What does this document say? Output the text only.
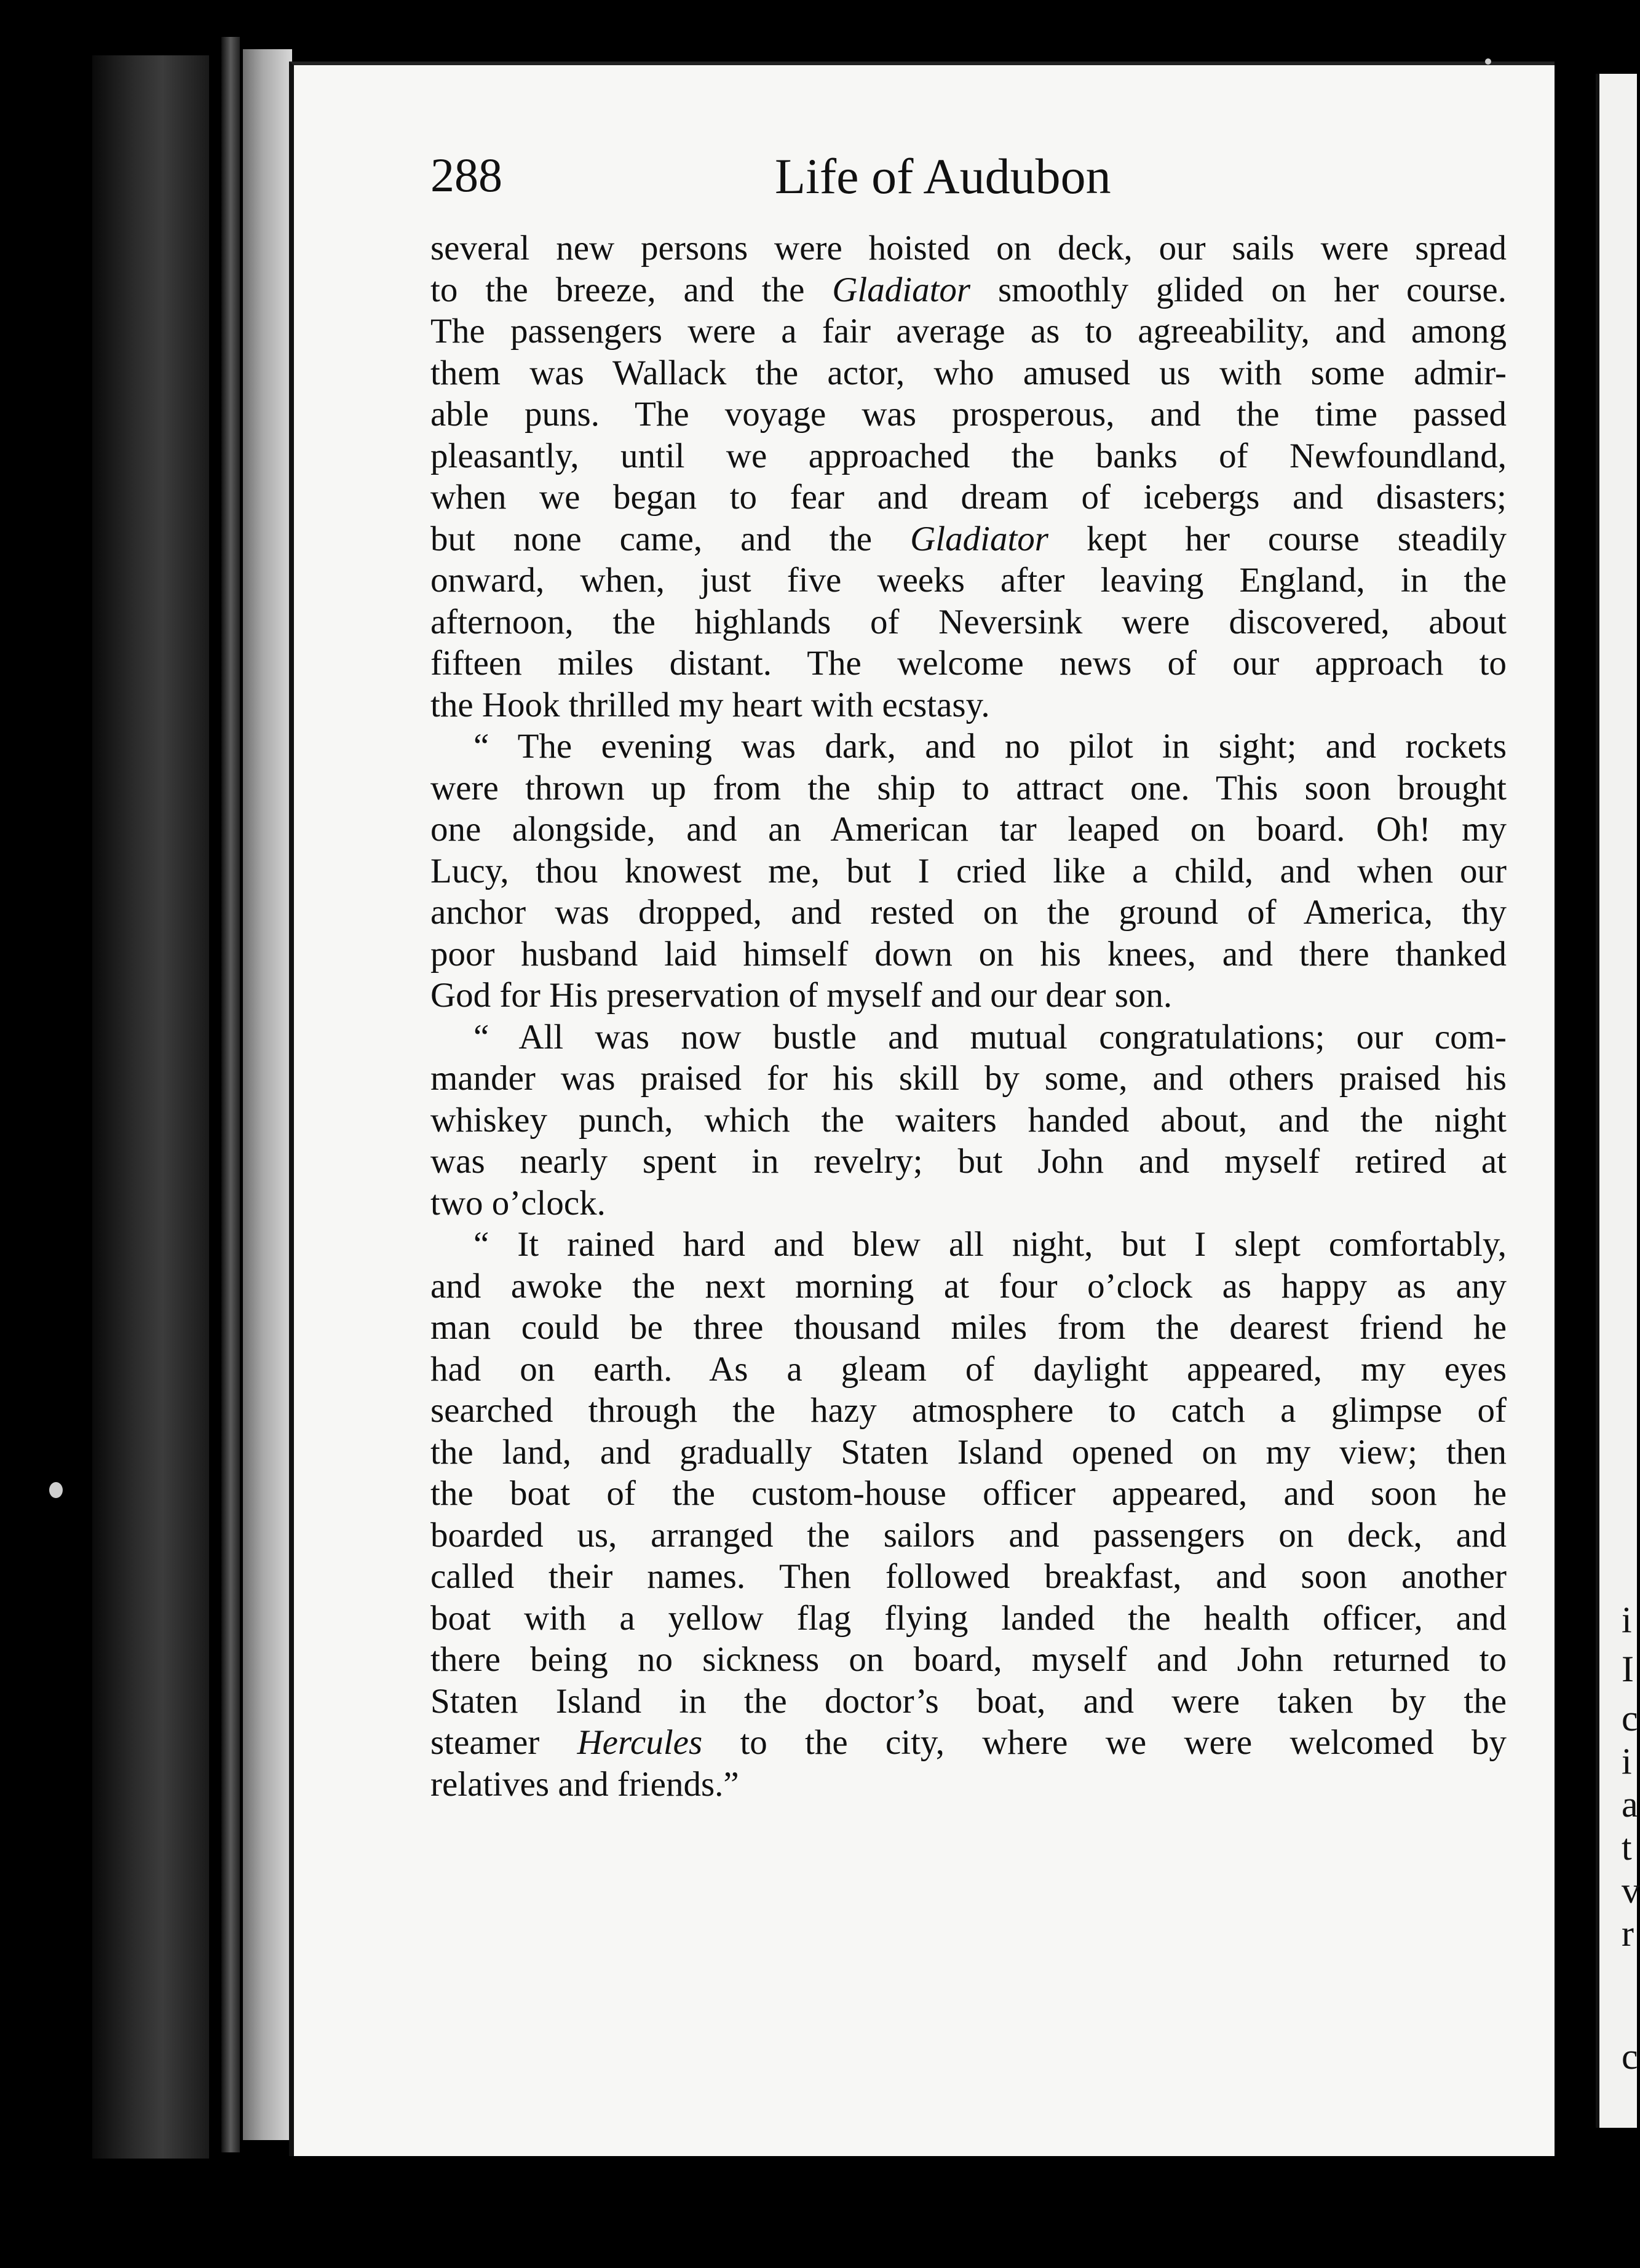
i
I
c
i
a
t
v
r
c
288	Life of Audubon
several new persons were hoisted on deck, our sails were spread
to the breeze, and the Gladiator smoothly glided on her course.
The passengers were a fair average as to agreeability, and among
them was Wallack the actor, who amused us with some admir-
able puns. The voyage was prosperous, and the time passed
pleasantly, until we approached the banks of Newfoundland,
when we began to fear and dream of icebergs and disasters;
but none came, and the Gladiator kept her course steadily
onward, when, just five weeks after leaving England, in the
afternoon, the highlands of Neversink were discovered, about
fifteen miles distant. The welcome news of our approach to
the Hook thrilled my heart with ecstasy.
“ The evening was dark, and no pilot in sight; and rockets
were thrown up from the ship to attract one. This soon brought
one alongside, and an American tar leaped on board. Oh! my
Lucy, thou knowest me, but I cried like a child, and when our
anchor was dropped, and rested on the ground of America, thy
poor husband laid himself down on his knees, and there thanked
God for His preservation of myself and our dear son.
“ All was now bustle and mutual congratulations; our com-
mander was praised for his skill by some, and others praised his
whiskey punch, which the waiters handed about, and the night
was nearly spent in revelry; but John and myself retired at
two o’clock.
“ It rained hard and blew all night, but I slept comfortably,
and awoke the next morning at four o’clock as happy as any
man could be three thousand miles from the dearest friend he
had on earth. As a gleam of daylight appeared, my eyes
searched through the hazy atmosphere to catch a glimpse of
the land, and gradually Staten Island opened on my view; then
the boat of the custom-house officer appeared, and soon he
boarded us, arranged the sailors and passengers on deck, and
called their names. Then followed breakfast, and soon another
boat with a yellow flag flying landed the health officer, and
there being no sickness on board, myself and John returned to
Staten Island in the doctor’s boat, and were taken by the
steamer Hercules to the city, where we were welcomed by
relatives and friends.”
